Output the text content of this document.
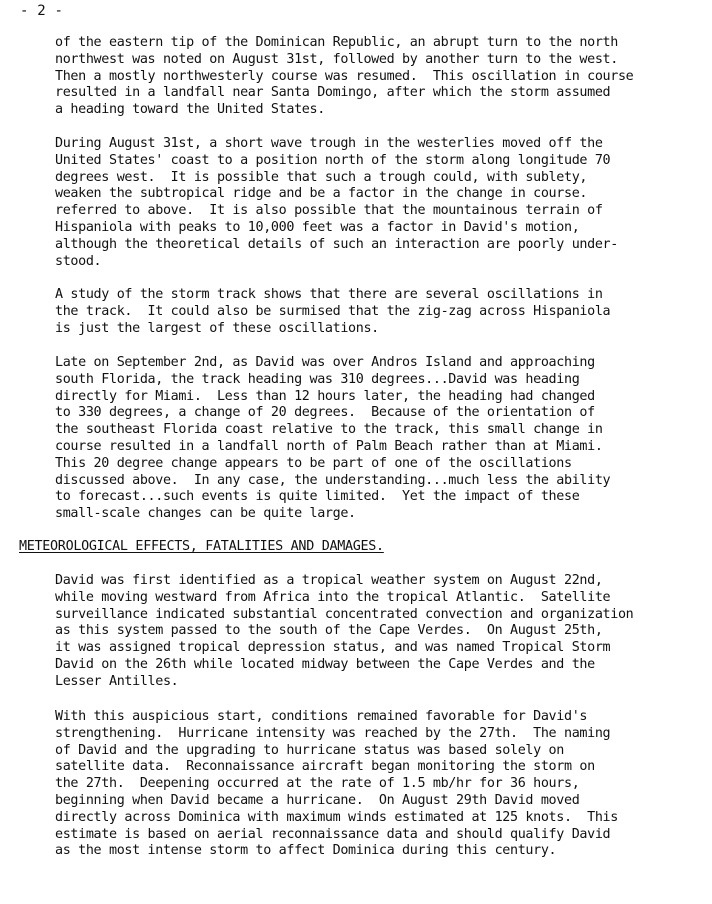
- 2 -
of the eastern tip of the Dominican Republic, an abrupt turn to the north
northwest was noted on August 31st, followed by another turn to the west.
Then a mostly northwesterly course was resumed.  This oscillation in course
resulted in a landfall near Santa Domingo, after which the storm assumed
a heading toward the United States.
During August 31st, a short wave trough in the westerlies moved off the
United States' coast to a position north of the storm along longitude 70
degrees west.  It is possible that such a trough could, with sublety,
weaken the subtropical ridge and be a factor in the change in course.
referred to above.  It is also possible that the mountainous terrain of
Hispaniola with peaks to 10,000 feet was a factor in David's motion,
although the theoretical details of such an interaction are poorly under-
stood.
A study of the storm track shows that there are several oscillations in
the track.  It could also be surmised that the zig-zag across Hispaniola
is just the largest of these oscillations.
Late on September 2nd, as David was over Andros Island and approaching
south Florida, the track heading was 310 degrees...David was heading
directly for Miami.  Less than 12 hours later, the heading had changed
to 330 degrees, a change of 20 degrees.  Because of the orientation of
the southeast Florida coast relative to the track, this small change in
course resulted in a landfall north of Palm Beach rather than at Miami.
This 20 degree change appears to be part of one of the oscillations
discussed above.  In any case, the understanding...much less the ability
to forecast...such events is quite limited.  Yet the impact of these
small-scale changes can be quite large.
METEOROLOGICAL EFFECTS, FATALITIES AND DAMAGES.
David was first identified as a tropical weather system on August 22nd,
while moving westward from Africa into the tropical Atlantic.  Satellite
surveillance indicated substantial concentrated convection and organization
as this system passed to the south of the Cape Verdes.  On August 25th,
it was assigned tropical depression status, and was named Tropical Storm
David on the 26th while located midway between the Cape Verdes and the
Lesser Antilles.
With this auspicious start, conditions remained favorable for David's
strengthening.  Hurricane intensity was reached by the 27th.  The naming
of David and the upgrading to hurricane status was based solely on
satellite data.  Reconnaissance aircraft began monitoring the storm on
the 27th.  Deepening occurred at the rate of 1.5 mb/hr for 36 hours,
beginning when David became a hurricane.  On August 29th David moved
directly across Dominica with maximum winds estimated at 125 knots.  This
estimate is based on aerial reconnaissance data and should qualify David
as the most intense storm to affect Dominica during this century.
